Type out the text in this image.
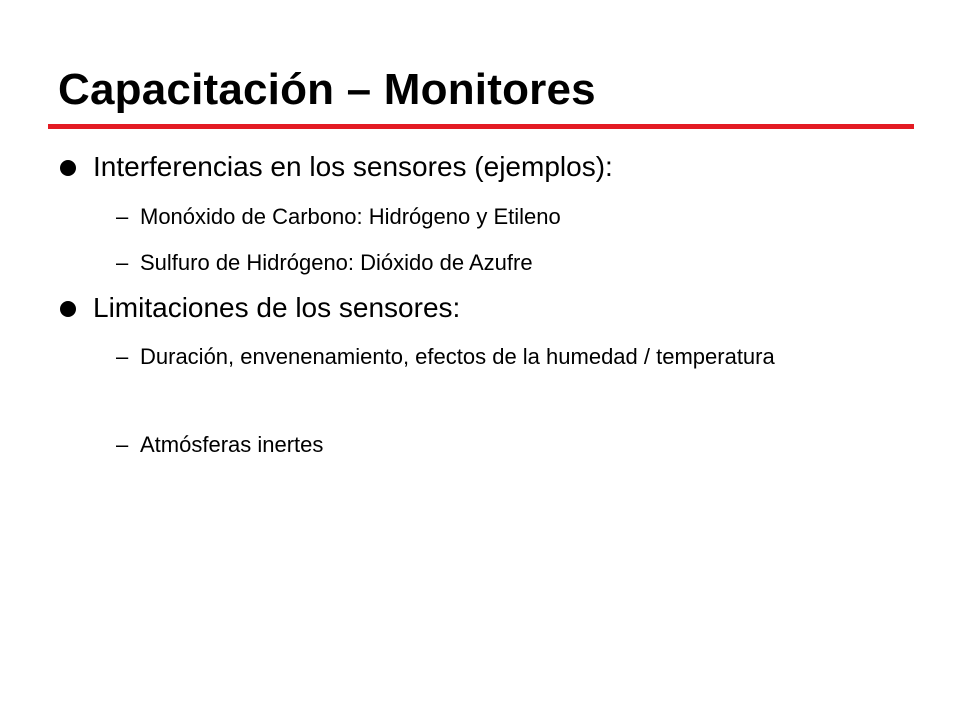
Capacitación – Monitores
Interferencias en los sensores (ejemplos):
– Monóxido de Carbono: Hidrógeno y Etileno
– Sulfuro de Hidrógeno: Dióxido de Azufre
Limitaciones de los sensores:
– Duración, envenenamiento, efectos de la humedad / temperatura
– Atmósferas inertes
